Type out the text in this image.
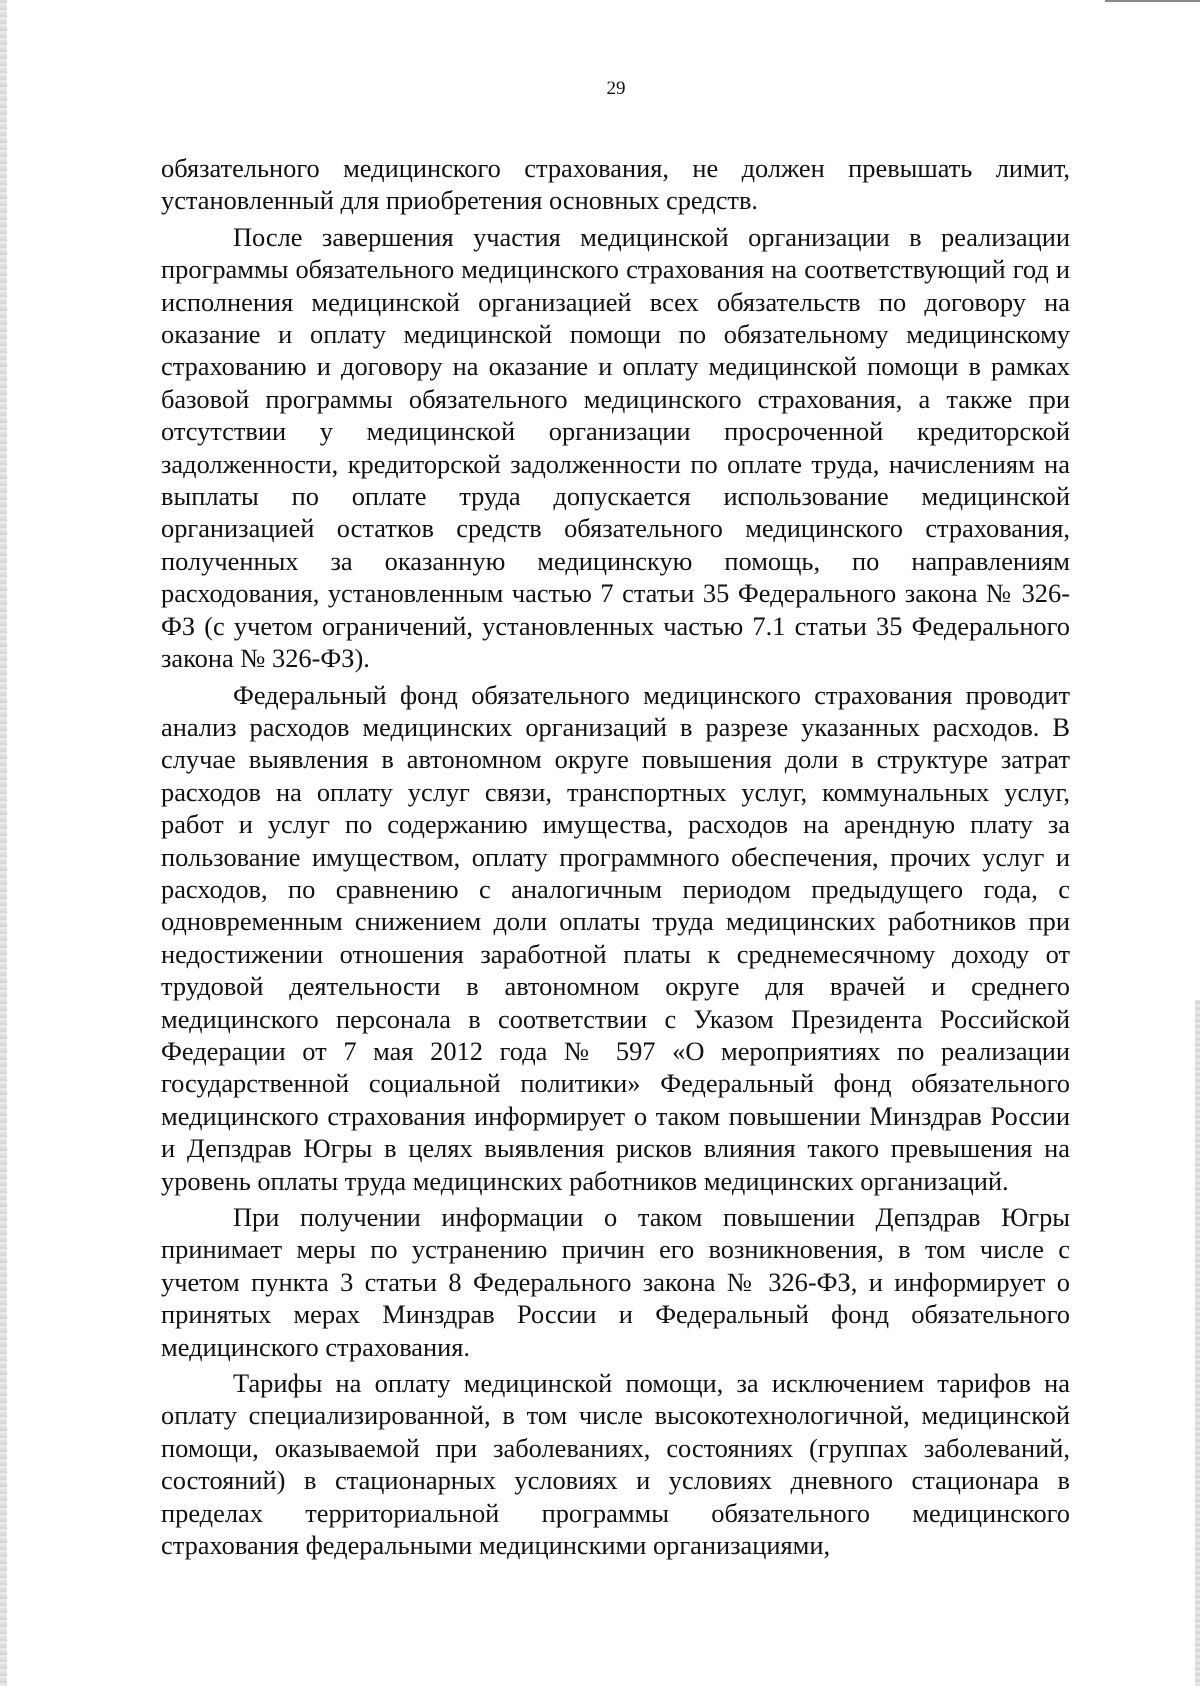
29

обязательного медицинского страхования, не должен превышать лимит, установленный для приобретения основных средств.

После завершения участия медицинской организации в реализации программы обязательного медицинского страхования на соответствующий год и исполнения медицинской организацией всех обязательств по договору на оказание и оплату медицинской помощи по обязательному медицинскому страхованию и договору на оказание и оплату медицинской помощи в рамках базовой программы обязательного медицинского страхования, а также при отсутствии у медицинской организации просроченной кредиторской задолженности, кредиторской задолженности по оплате труда, начислениям на выплаты по оплате труда допускается использование медицинской организацией остатков средств обязательного медицинского страхования, полученных за оказанную медицинскую помощь, по направлениям расходования, установленным частью 7 статьи 35 Федерального закона № 326-ФЗ (с учетом ограничений, установленных частью 7.1 статьи 35 Федерального закона № 326-ФЗ).

Федеральный фонд обязательного медицинского страхования проводит анализ расходов медицинских организаций в разрезе указанных расходов. В случае выявления в автономном округе повышения доли в структуре затрат расходов на оплату услуг связи, транспортных услуг, коммунальных услуг, работ и услуг по содержанию имущества, расходов на арендную плату за пользование имуществом, оплату программного обеспечения, прочих услуг и расходов, по сравнению с аналогичным периодом предыдущего года, с одновременным снижением доли оплаты труда медицинских работников при недостижении отношения заработной платы к среднемесячному доходу от трудовой деятельности в автономном округе для врачей и среднего медицинского персонала в соответствии с Указом Президента Российской Федерации от 7 мая 2012 года № 597 «О мероприятиях по реализации государственной социальной политики» Федеральный фонд обязательного медицинского страхования информирует о таком повышении Минздрав России и Депздрав Югры в целях выявления рисков влияния такого превышения на уровень оплаты труда медицинских работников медицинских организаций.

При получении информации о таком повышении Депздрав Югры принимает меры по устранению причин его возникновения, в том числе с учетом пункта 3 статьи 8 Федерального закона № 326-ФЗ, и информирует о принятых мерах Минздрав России и Федеральный фонд обязательного медицинского страхования.

Тарифы на оплату медицинской помощи, за исключением тарифов на оплату специализированной, в том числе высокотехнологичной, медицинской помощи, оказываемой при заболеваниях, состояниях (группах заболеваний, состояний) в стационарных условиях и условиях дневного стационара в пределах территориальной программы обязательного медицинского страхования федеральными медицинскими организациями,
